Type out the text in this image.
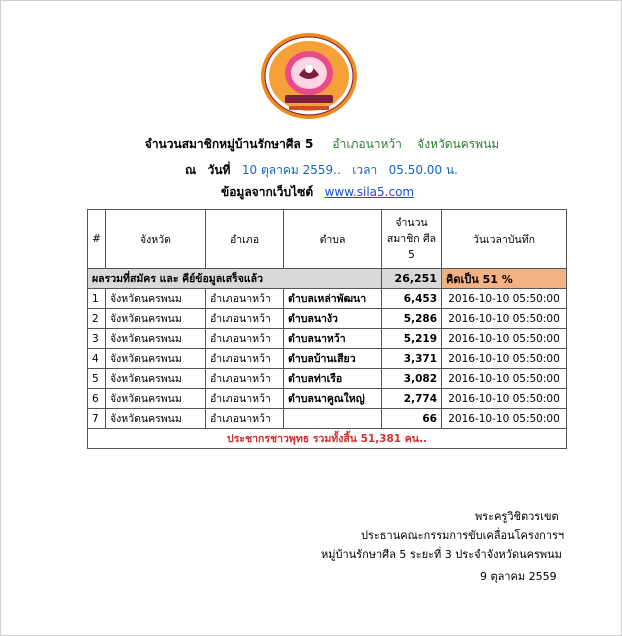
จำนวนสมาชิกหมู่บ้านรักษาศีล 5 อำเภอนาหว้า จังหวัดนครพนม
ณ วันที่ 10 ตุลาคม 2559.. เวลา 05.50.00 น.
ข้อมูลจากเว็บไซต์ www.sila5.com
#	จังหวัด	อำเภอ	ตำบล	จำนวน สมาชิก ศีล 5	วันเวลาบันทึก
ผลรวมที่สมัคร และ คีย์ข้อมูลเสร็จแล้ว				26,251	คิดเป็น 51 %
1	จังหวัดนครพนม	อำเภอนาหว้า	ตำบลเหล่าพัฒนา	6,453	2016-10-10 05:50:00
2	จังหวัดนครพนม	อำเภอนาหว้า	ตำบลนางัว	5,286	2016-10-10 05:50:00
3	จังหวัดนครพนม	อำเภอนาหว้า	ตำบลนาหว้า	5,219	2016-10-10 05:50:00
4	จังหวัดนครพนม	อำเภอนาหว้า	ตำบลบ้านเสียว	3,371	2016-10-10 05:50:00
5	จังหวัดนครพนม	อำเภอนาหว้า	ตำบลท่าเรือ	3,082	2016-10-10 05:50:00
6	จังหวัดนครพนม	อำเภอนาหว้า	ตำบลนาคูณใหญ่	2,774	2016-10-10 05:50:00
7	จังหวัดนครพนม	อำเภอนาหว้า		66	2016-10-10 05:50:00
ประชากรชาวพุทธ รวมทั้งสิ้น 51,381 คน..					
พระครูวิชิตวรเขต
ประธานคณะกรรมการขับเคลื่อนโครงการฯ
หมู่บ้านรักษาศีล 5 ระยะที่ 3 ประจำจังหวัดนครพนม
9 ตุลาคม 2559
